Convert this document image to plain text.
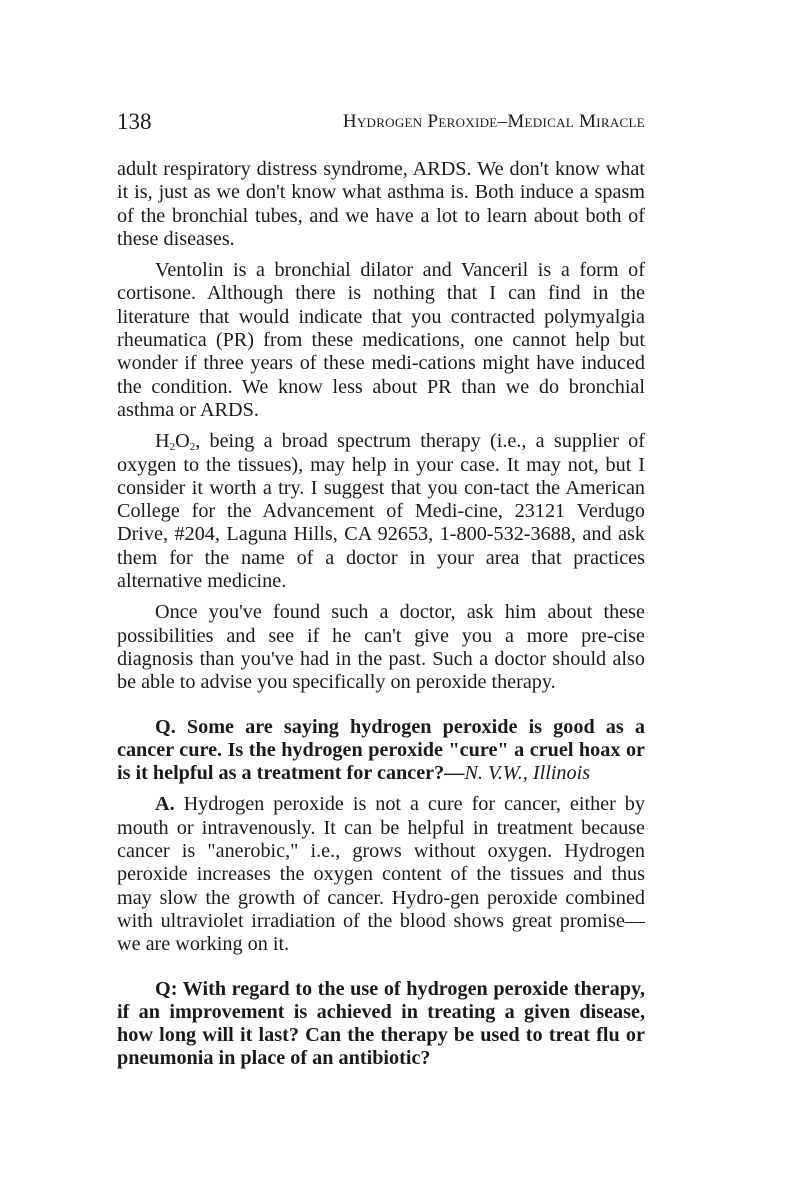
138	Hydrogen Peroxide–Medical Miracle

adult respiratory distress syndrome, ARDS. We don't know what it is, just as we don't know what asthma is. Both induce a spasm of the bronchial tubes, and we have a lot to learn about both of these diseases.

Ventolin is a bronchial dilator and Vanceril is a form of cortisone. Although there is nothing that I can find in the literature that would indicate that you contracted polymyalgia rheumatica (PR) from these medications, one cannot help but wonder if three years of these medi-cations might have induced the condition. We know less about PR than we do bronchial asthma or ARDS.

$H_2O_2$, being a broad spectrum therapy (i.e., a supplier of oxygen to the tissues), may help in your case. It may not, but I consider it worth a try. I suggest that you con-tact the American College for the Advancement of Medi-cine, 23121 Verdugo Drive, #204, Laguna Hills, CA 92653, 1-800-532-3688, and ask them for the name of a doctor in your area that practices alternative medicine.

Once you've found such a doctor, ask him about these possibilities and see if he can't give you a more pre-cise diagnosis than you've had in the past. Such a doctor should also be able to advise you specifically on peroxide therapy.

Q. Some are saying hydrogen peroxide is good as a cancer cure. Is the hydrogen peroxide "cure" a cruel hoax or is it helpful as a treatment for cancer?—N. V.W., Illinois

A. Hydrogen peroxide is not a cure for cancer, either by mouth or intravenously. It can be helpful in treatment because cancer is "anerobic," i.e., grows without oxygen. Hydrogen peroxide increases the oxygen content of the tissues and thus may slow the growth of cancer. Hydro-gen peroxide combined with ultraviolet irradiation of the blood shows great promise—we are working on it.

Q: With regard to the use of hydrogen peroxide therapy, if an improvement is achieved in treating a given disease, how long will it last? Can the therapy be used to treat flu or pneumonia in place of an antibiotic?
